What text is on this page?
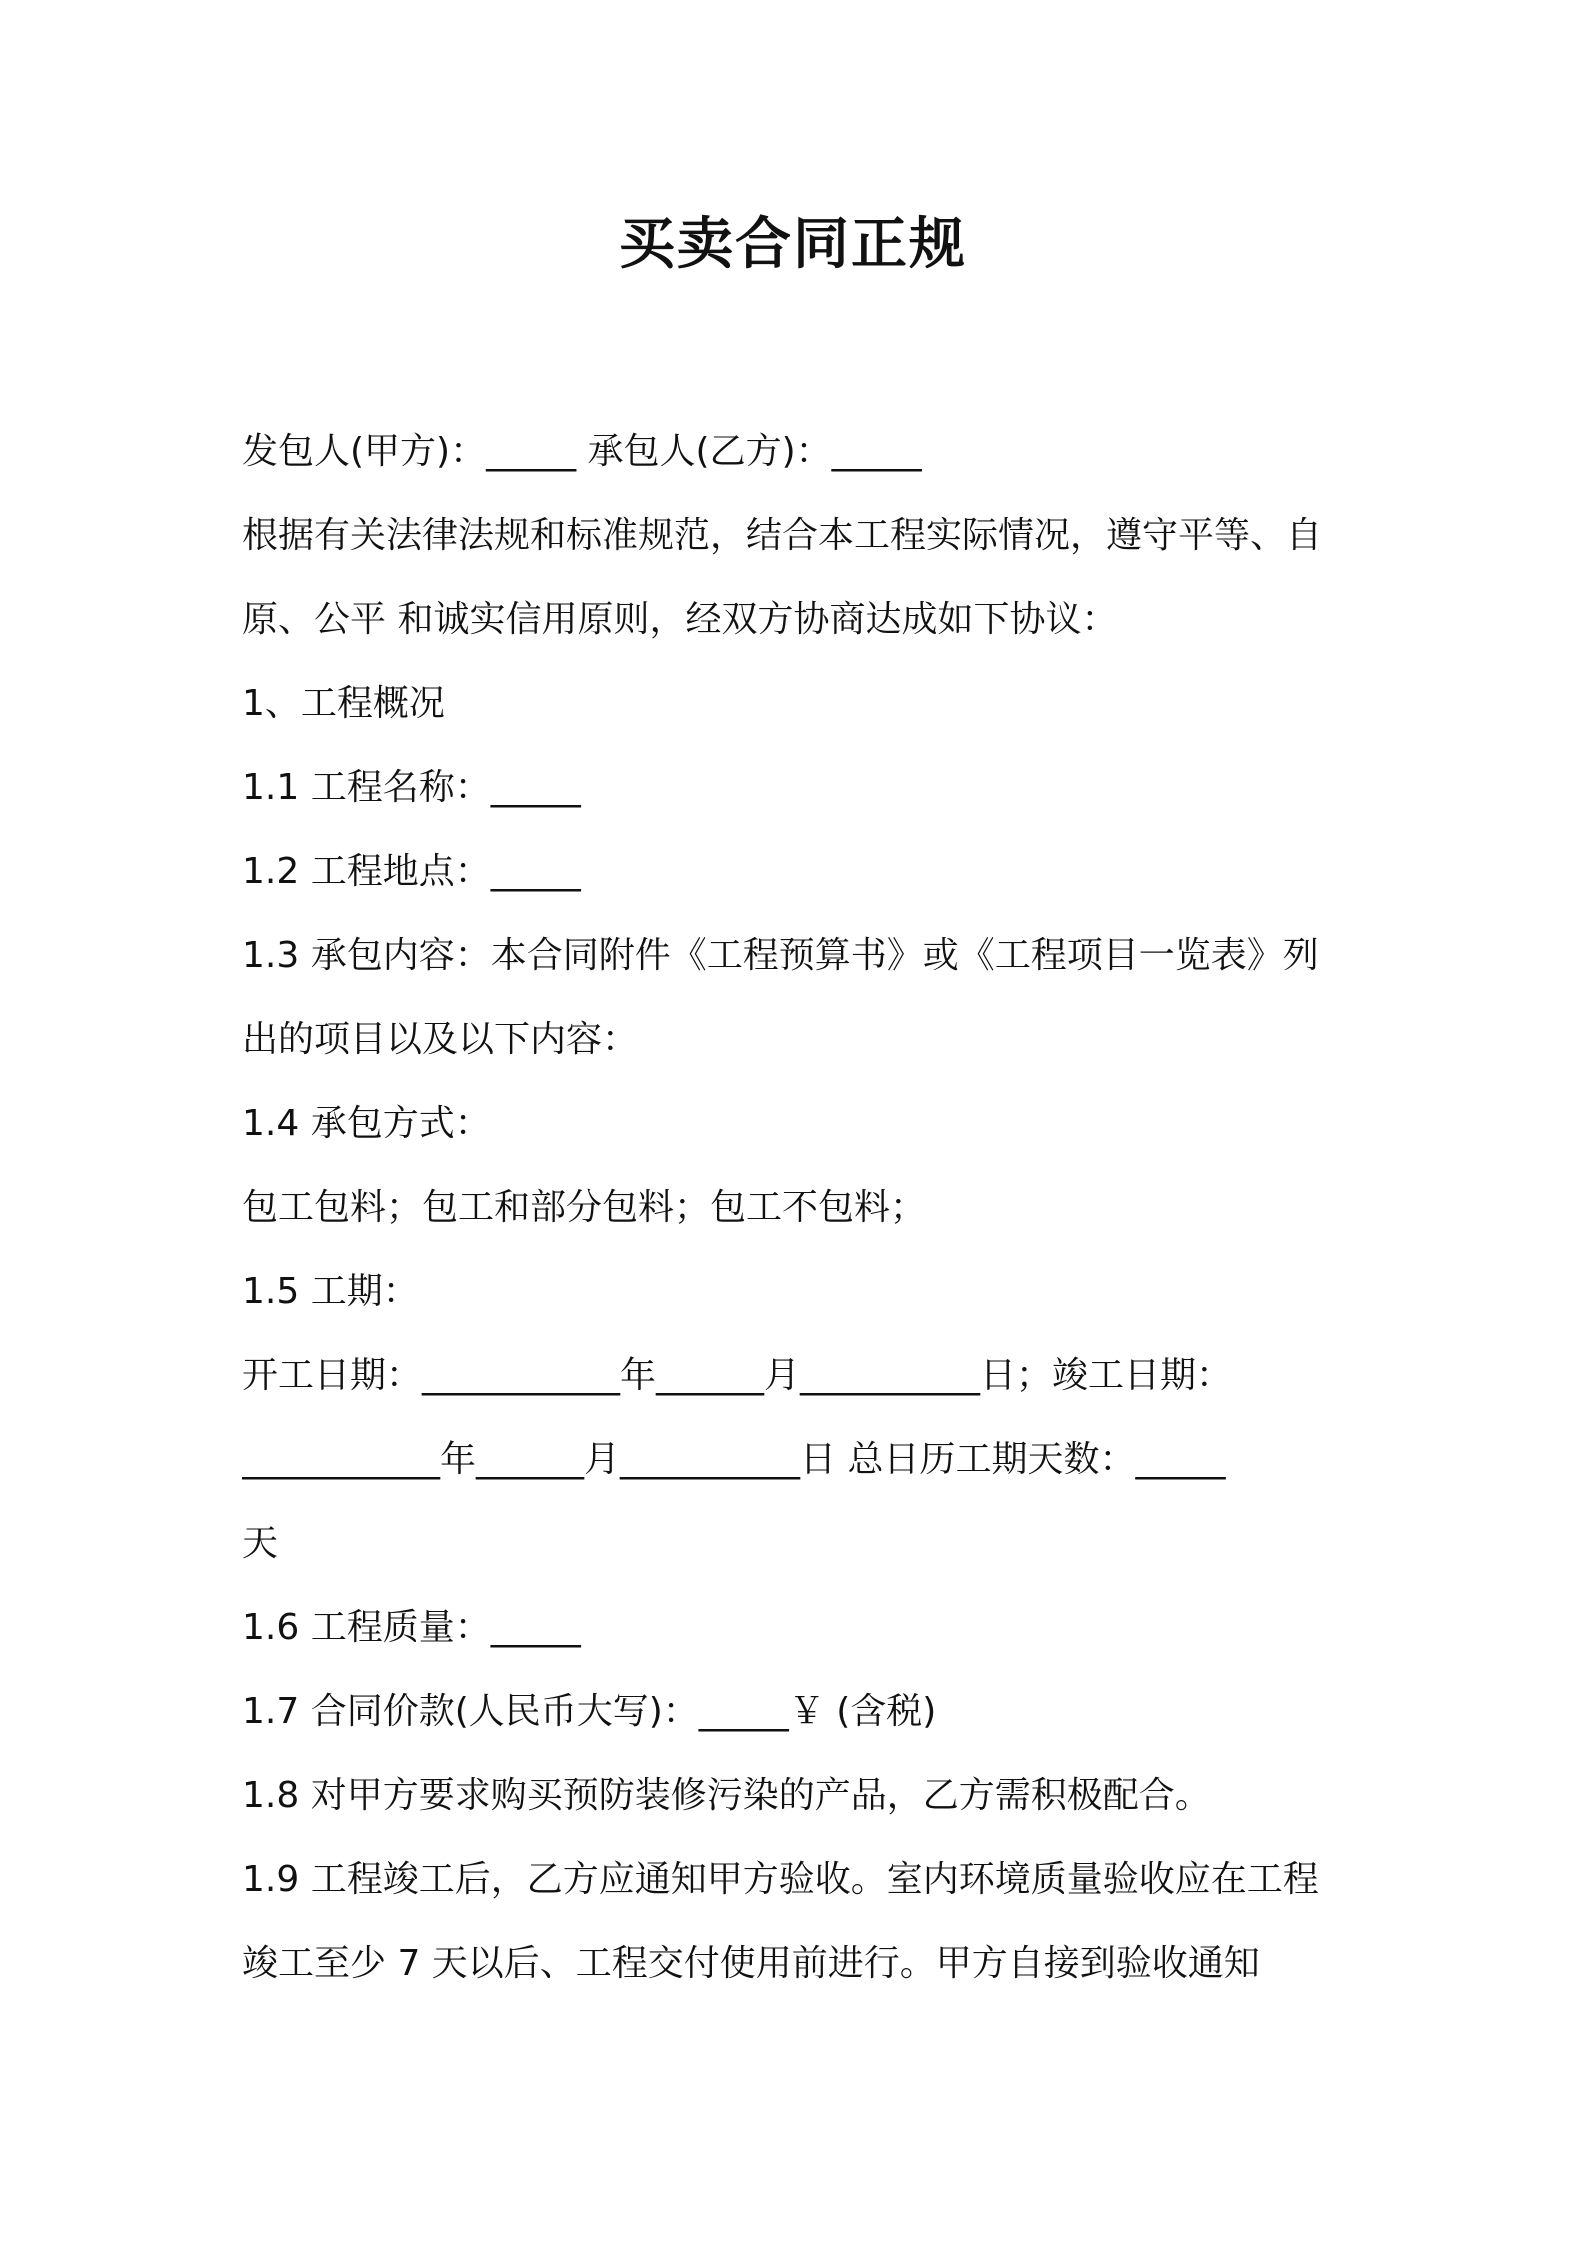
买卖合同正规
发包人(甲方)：_____ 承包人(乙方)：_____
根据有关法律法规和标准规范，结合本工程实际情况，遵守平等、自
原、公平 和诚实信用原则，经双方协商达成如下协议：
1、工程概况
1.1 工程名称：_____
1.2 工程地点：_____
1.3 承包内容：本合同附件《工程预算书》或《工程项目一览表》列
出的项目以及以下内容：
1.4 承包方式：
包工包料；包工和部分包料；包工不包料；
1.5 工期：
开工日期：___________年______月__________日；竣工日期：
___________年______月__________日 总日历工期天数：_____
天
1.6 工程质量：_____
1.7 合同价款(人民币大写)：_____￥ (含税)
1.8 对甲方要求购买预防装修污染的产品，乙方需积极配合。
1.9 工程竣工后，乙方应通知甲方验收。室内环境质量验收应在工程
竣工至少 7 天以后、工程交付使用前进行。甲方自接到验收通知
